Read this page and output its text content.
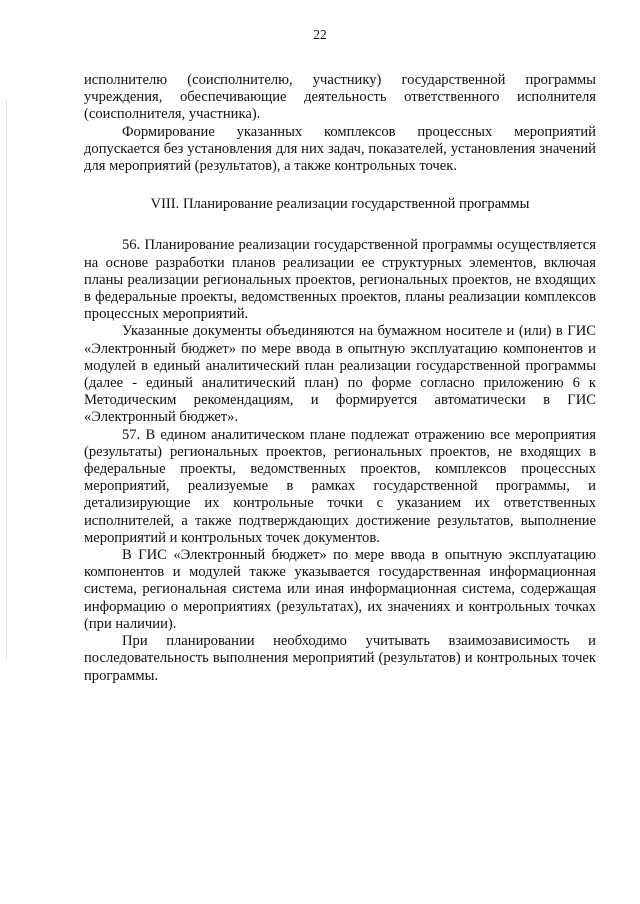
22

исполнителю (соисполнителю, участнику) государственной программы учреждения, обеспечивающие деятельность ответственного исполнителя (соисполнителя, участника).

Формирование указанных комплексов процессных мероприятий допускается без установления для них задач, показателей, установления значений для мероприятий (результатов), а также контрольных точек.

VIII. Планирование реализации государственной программы

56. Планирование реализации государственной программы осуществляется на основе разработки планов реализации ее структурных элементов, включая планы реализации региональных проектов, региональных проектов, не входящих в федеральные проекты, ведомственных проектов, планы реализации комплексов процессных мероприятий.

Указанные документы объединяются на бумажном носителе и (или) в ГИС «Электронный бюджет» по мере ввода в опытную эксплуатацию компонентов и модулей в единый аналитический план реализации государственной программы (далее - единый аналитический план) по форме согласно приложению 6 к Методическим рекомендациям, и формируется автоматически в ГИС «Электронный бюджет».

57. В едином аналитическом плане подлежат отражению все мероприятия (результаты) региональных проектов, региональных проектов, не входящих в федеральные проекты, ведомственных проектов, комплексов процессных мероприятий, реализуемые в рамках государственной программы, и детализирующие их контрольные точки с указанием их ответственных исполнителей, а также подтверждающих достижение результатов, выполнение мероприятий и контрольных точек документов.

В ГИС «Электронный бюджет» по мере ввода в опытную эксплуатацию компонентов и модулей также указывается государственная информационная система, региональная система или иная информационная система, содержащая информацию о мероприятиях (результатах), их значениях и контрольных точках (при наличии).

При планировании необходимо учитывать взаимозависимость и последовательность выполнения мероприятий (результатов) и контрольных точек программы.
